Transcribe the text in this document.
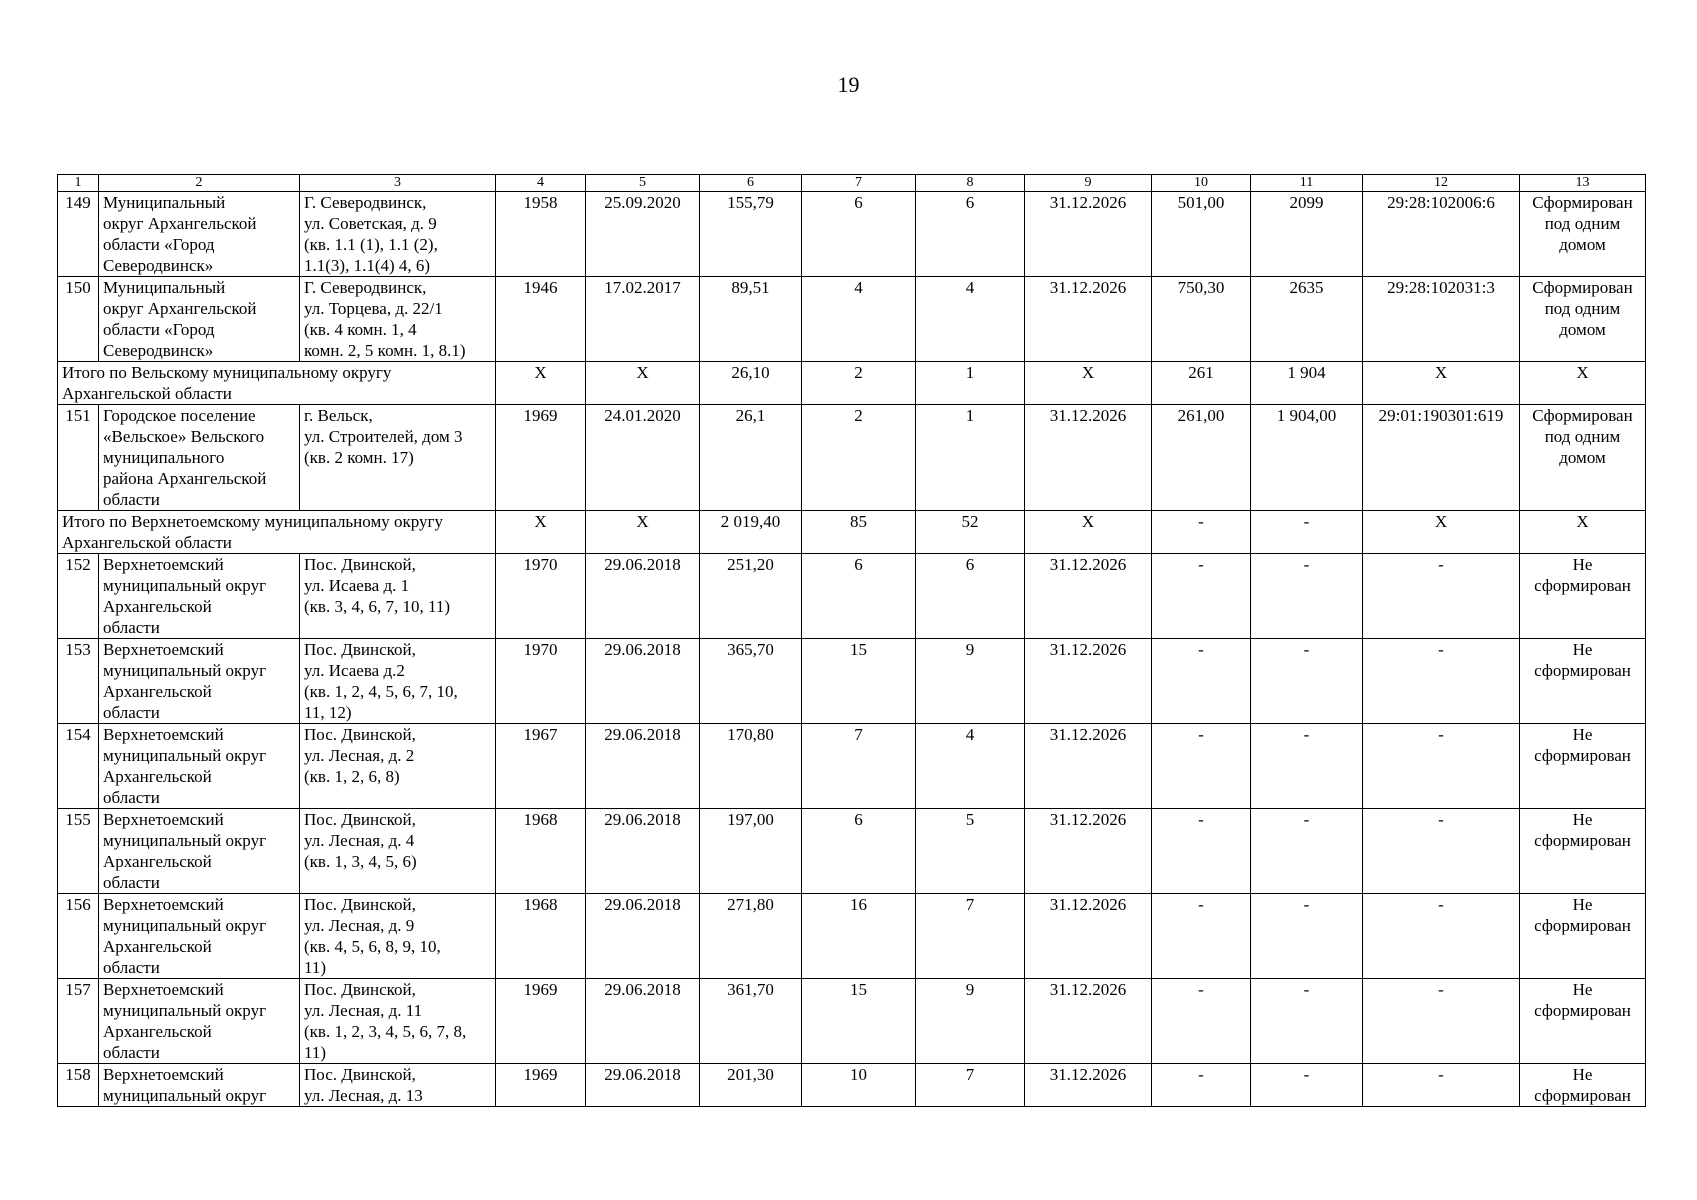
19
1	2	3	4	5	6	7	8	9	10	11	12	13
149	Муниципальный
округ Архангельской
области «Город
Северодвинск»	Г. Северодвинск,
ул. Советская, д. 9
(кв. 1.1 (1), 1.1 (2),
1.1(3), 1.1(4) 4, 6)	1958	25.09.2020	155,79	6	6	31.12.2026	501,00	2099	29:28:102006:6	Сформирован
под одним
домом
150	Муниципальный
округ Архангельской
области «Город
Северодвинск»	Г. Северодвинск,
ул. Торцева, д. 22/1
(кв. 4 комн. 1, 4
комн. 2, 5 комн. 1, 8.1)	1946	17.02.2017	89,51	4	4	31.12.2026	750,30	2635	29:28:102031:3	Сформирован
под одним
домом
Итого по Вельскому муниципальному округу Архангельской области			Х	Х	26,10	2	1	Х	261	1 904	Х	Х
151	Городское поселение
«Вельское» Вельского
муниципального
района Архангельской
области	г. Вельск,
ул. Строителей, дом 3
(кв. 2 комн. 17)	1969	24.01.2020	26,1	2	1	31.12.2026	261,00	1 904,00	29:01:190301:619	Сформирован
под одним
домом
Итого по Верхнетоемскому муниципальному округу Архангельской области			Х	Х	2 019,40	85	52	Х	-	-	Х	Х
152	Верхнетоемский
муниципальный округ
Архангельской
области	Пос. Двинской,
ул. Исаева д. 1
(кв. 3, 4, 6, 7, 10, 11)	1970	29.06.2018	251,20	6	6	31.12.2026	-	-	-	Не
сформирован
153	Верхнетоемский
муниципальный округ
Архангельской
области	Пос. Двинской,
ул. Исаева д.2
(кв. 1, 2, 4, 5, 6, 7, 10,
11, 12)	1970	29.06.2018	365,70	15	9	31.12.2026	-	-	-	Не
сформирован
154	Верхнетоемский
муниципальный округ
Архангельской
области	Пос. Двинской,
ул. Лесная, д. 2
(кв. 1, 2, 6, 8)	1967	29.06.2018	170,80	7	4	31.12.2026	-	-	-	Не
сформирован
155	Верхнетоемский
муниципальный округ
Архангельской
области	Пос. Двинской,
ул. Лесная, д. 4
(кв. 1, 3, 4, 5, 6)	1968	29.06.2018	197,00	6	5	31.12.2026	-	-	-	Не
сформирован
156	Верхнетоемский
муниципальный округ
Архангельской
области	Пос. Двинской,
ул. Лесная, д. 9
(кв. 4, 5, 6, 8, 9, 10,
11)	1968	29.06.2018	271,80	16	7	31.12.2026	-	-	-	Не
сформирован
157	Верхнетоемский
муниципальный округ
Архангельской
области	Пос. Двинской,
ул. Лесная, д. 11
(кв. 1, 2, 3, 4, 5, 6, 7, 8,
11)	1969	29.06.2018	361,70	15	9	31.12.2026	-	-	-	Не
сформирован
158	Верхнетоемский
муниципальный округ	Пос. Двинской,
ул. Лесная, д. 13	1969	29.06.2018	201,30	10	7	31.12.2026	-	-	-	Не
сформирован
